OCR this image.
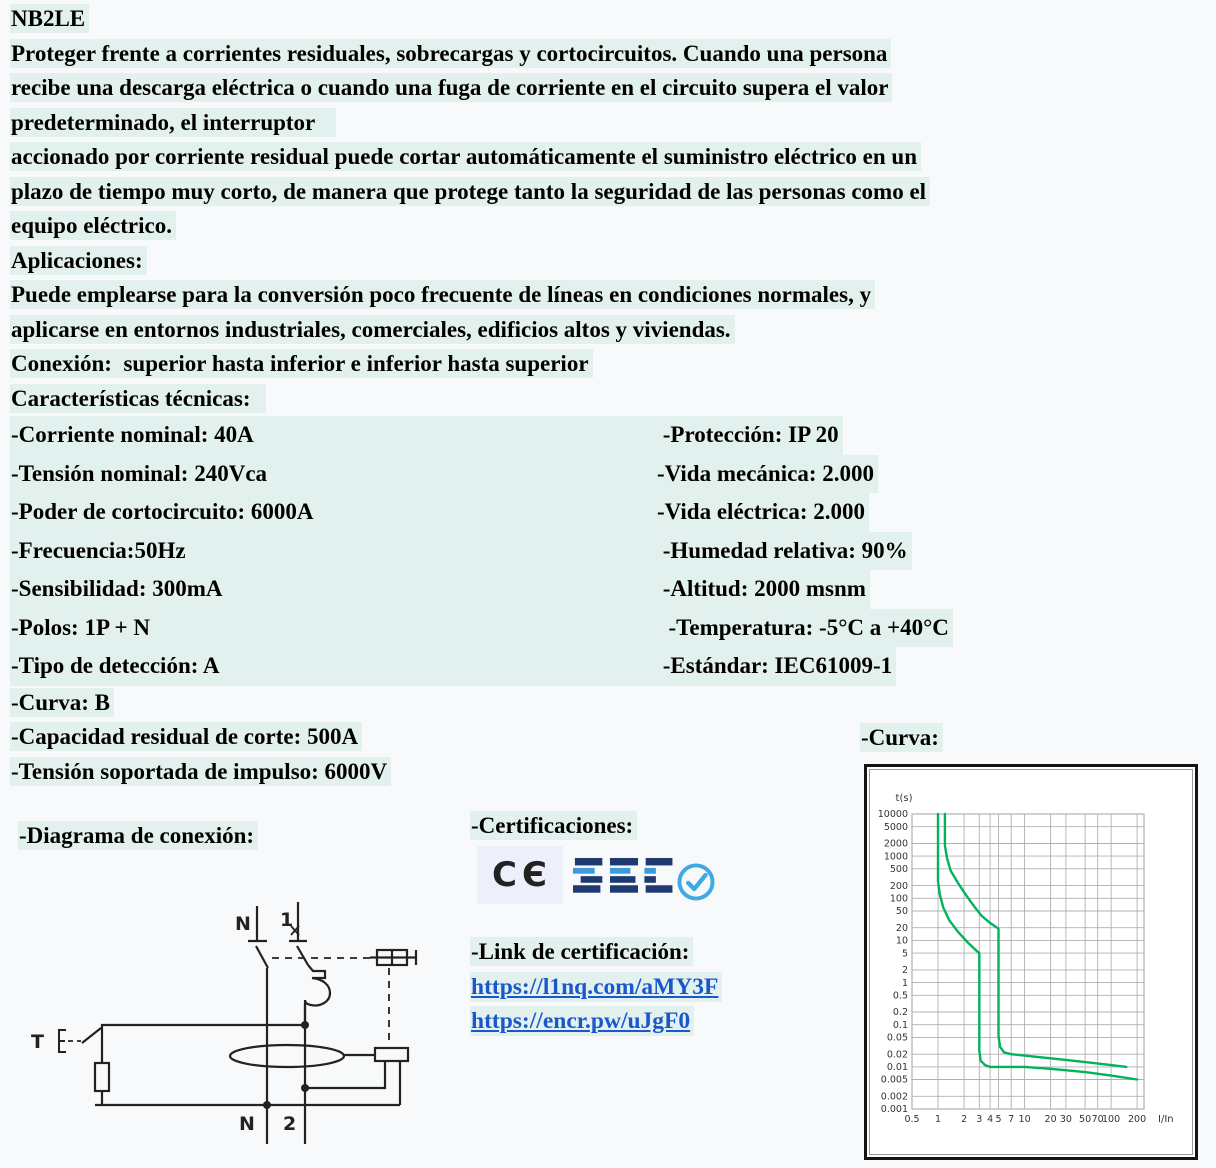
NB2LE
Proteger frente a corrientes residuales, sobrecargas y cortocircuitos. Cuando una persona
recibe una descarga eléctrica o cuando una fuga de corriente en el circuito supera el valor
predeterminado, el interruptor
accionado por corriente residual puede cortar automáticamente el suministro eléctrico en un
plazo de tiempo muy corto, de manera que protege tanto la seguridad de las personas como el
equipo eléctrico.
Aplicaciones:
Puede emplearse para la conversión poco frecuente de líneas en condiciones normales, y
aplicarse en entornos industriales, comerciales, edificios altos y viviendas.
Conexión:  superior hasta inferior e inferior hasta superior
Características técnicas:
-Corriente nominal: 40A	-Protección: IP 20
-Tensión nominal: 240Vca	-Vida mecánica: 2.000
-Poder de cortocircuito: 6000A	-Vida eléctrica: 2.000
-Frecuencia:50Hz	-Humedad relativa: 90%
-Sensibilidad: 300mA	-Altitud: 2000 msnm
-Polos: 1P + N	-Temperatura: -5°C a +40°C
-Tipo de detección: A	-Estándar: IEC61009-1
-Curva: B
-Capacidad residual de corte: 500A
-Tensión soportada de impulso: 6000V
-Diagrama de conexión:
N 1
T
N 2
-Certificaciones:
CЄ
-Link de certificación:
https://l1nq.com/aMY3F
https://encr.pw/uJgF0
-Curva:
0.5 1 2 3 4 5 7 10 20 30 50 70
100 200
10000
5000
2000
1000
500
200
100
50
20
10
5
2
1
0.5
0.2
0.1
0.05
0.02
0.01
0.005
0.002
0.001
t(s)
I/In
